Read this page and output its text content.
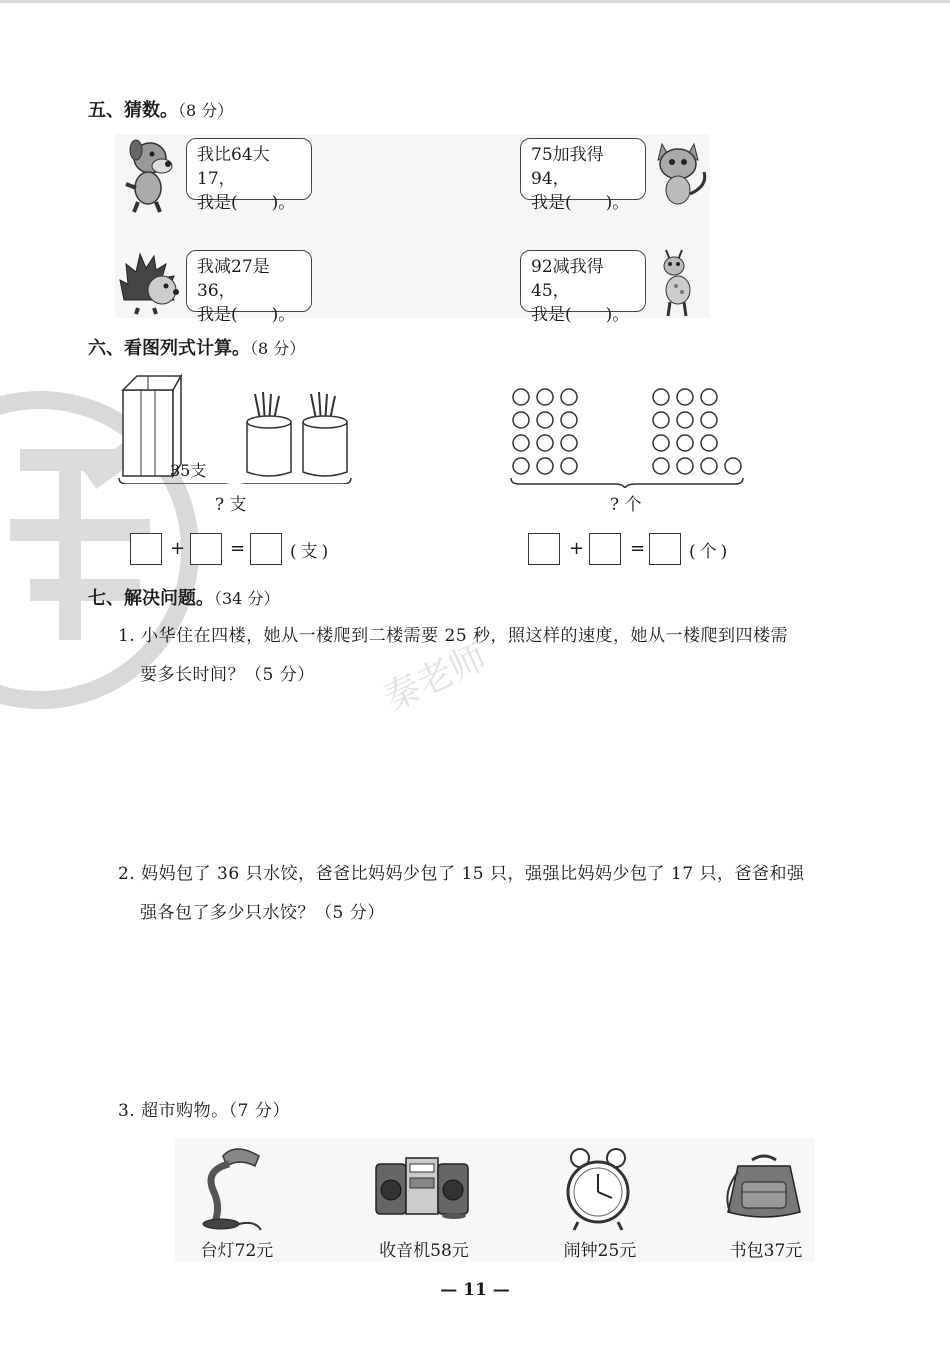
秦老师
五、猜数。（8 分）
我比64大17，
我是(　　)。
75加我得94，
我是(　　)。
我减27是36，
我是(　　)。
92减我得45，
我是(　　)。
六、看图列式计算。（8 分）
35支
? 支
+ =	(支)
? 个
+	=	(个)
七、解决问题。（34 分）
1. 小华住在四楼，她从一楼爬到二楼需要 25 秒，照这样的速度，她从一楼爬到四楼需
要多长时间？（5 分）
2. 妈妈包了 36 只水饺，爸爸比妈妈少包了 15 只，强强比妈妈少包了 17 只，爸爸和强
强各包了多少只水饺？（5 分）
3. 超市购物。（7 分）
台灯72元	收音机58元	闹钟25元	书包37元
— 11 —
